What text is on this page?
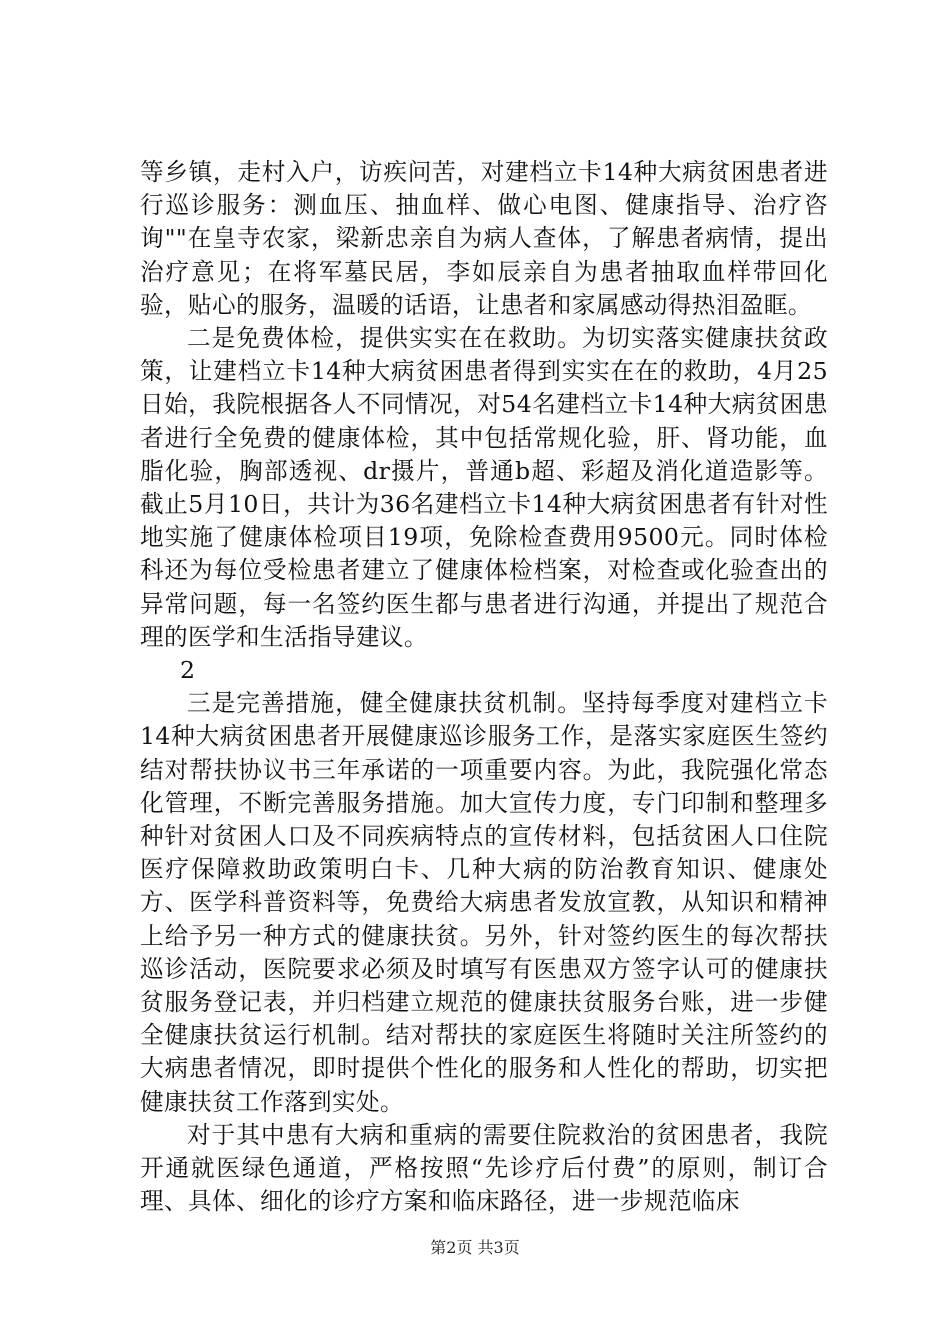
等乡镇，走村入户，访疾问苦，对建档立卡14种大病贫困患者进行巡诊服务：测血压、抽血样、做心电图、健康指导、治疗咨询""在皇寺农家，梁新忠亲自为病人查体，了解患者病情，提出治疗意见；在将军墓民居，李如辰亲自为患者抽取血样带回化验，贴心的服务，温暖的话语，让患者和家属感动得热泪盈眶。

二是免费体检，提供实实在在救助。为切实落实健康扶贫政策，让建档立卡14种大病贫困患者得到实实在在的救助，4月25日始，我院根据各人不同情况，对54名建档立卡14种大病贫困患者进行全免费的健康体检，其中包括常规化验，肝、肾功能，血脂化验，胸部透视、dr摄片，普通b超、彩超及消化道造影等。截止5月10日，共计为36名建档立卡14种大病贫困患者有针对性地实施了健康体检项目19项，免除检查费用9500元。同时体检科还为每位受检患者建立了健康体检档案，对检查或化验查出的异常问题，每一名签约医生都与患者进行沟通，并提出了规范合理的医学和生活指导建议。

2

三是完善措施，健全健康扶贫机制。坚持每季度对建档立卡14种大病贫困患者开展健康巡诊服务工作，是落实家庭医生签约结对帮扶协议书三年承诺的一项重要内容。为此，我院强化常态化管理，不断完善服务措施。加大宣传力度，专门印制和整理多种针对贫困人口及不同疾病特点的宣传材料，包括贫困人口住院医疗保障救助政策明白卡、几种大病的防治教育知识、健康处方、医学科普资料等，免费给大病患者发放宣教，从知识和精神上给予另一种方式的健康扶贫。另外，针对签约医生的每次帮扶巡诊活动，医院要求必须及时填写有医患双方签字认可的健康扶贫服务登记表，并归档建立规范的健康扶贫服务台账，进一步健全健康扶贫运行机制。结对帮扶的家庭医生将随时关注所签约的大病患者情况，即时提供个性化的服务和人性化的帮助，切实把健康扶贫工作落到实处。

对于其中患有大病和重病的需要住院救治的贫困患者，我院开通就医绿色通道，严格按照“先诊疗后付费”的原则，制订合理、具体、细化的诊疗方案和临床路径，进一步规范临床

第2页 共3页
